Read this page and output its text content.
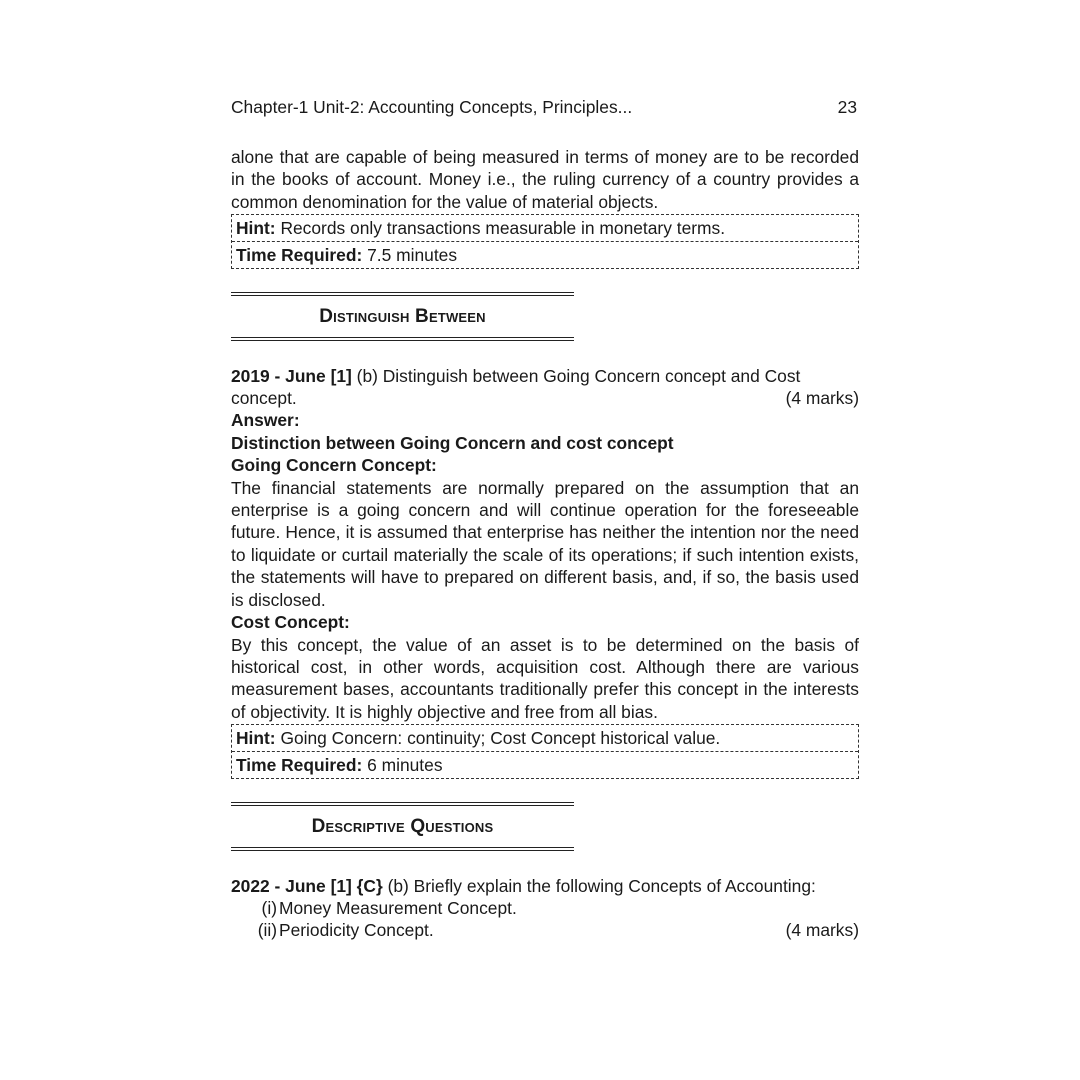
Chapter-1 Unit-2: Accounting Concepts, Principles...	23

alone that are capable of being measured in terms of money are to be recorded in the books of account. Money i.e., the ruling currency of a country provides a common denomination for the value of material objects.

Hint: Records only transactions measurable in monetary terms.
Time Required: 7.5 minutes
Distinguish Between

2019 - June [1] (b) Distinguish between Going Concern concept and Cost

concept.	(4 marks)
Answer:
Distinction between Going Concern and cost concept
Going Concern Concept:

The financial statements are normally prepared on the assumption that an enterprise is a going concern and will continue operation for the foreseeable future. Hence, it is assumed that enterprise has neither the intention nor the need to liquidate or curtail materially the scale of its operations; if such intention exists, the statements will have to prepared on different basis, and, if so, the basis used is disclosed.

Cost Concept:

By this concept, the value of an asset is to be determined on the basis of historical cost, in other words, acquisition cost. Although there are various measurement bases, accountants traditionally prefer this concept in the interests of objectivity. It is highly objective and free from all bias.

Hint: Going Concern: continuity; Cost Concept historical value.
Time Required: 6 minutes
Descriptive Questions

2022 - June [1] {C} (b) Briefly explain the following Concepts of Accounting:

(i) Money Measurement Concept.
(ii) Periodicity Concept.	(4 marks)
